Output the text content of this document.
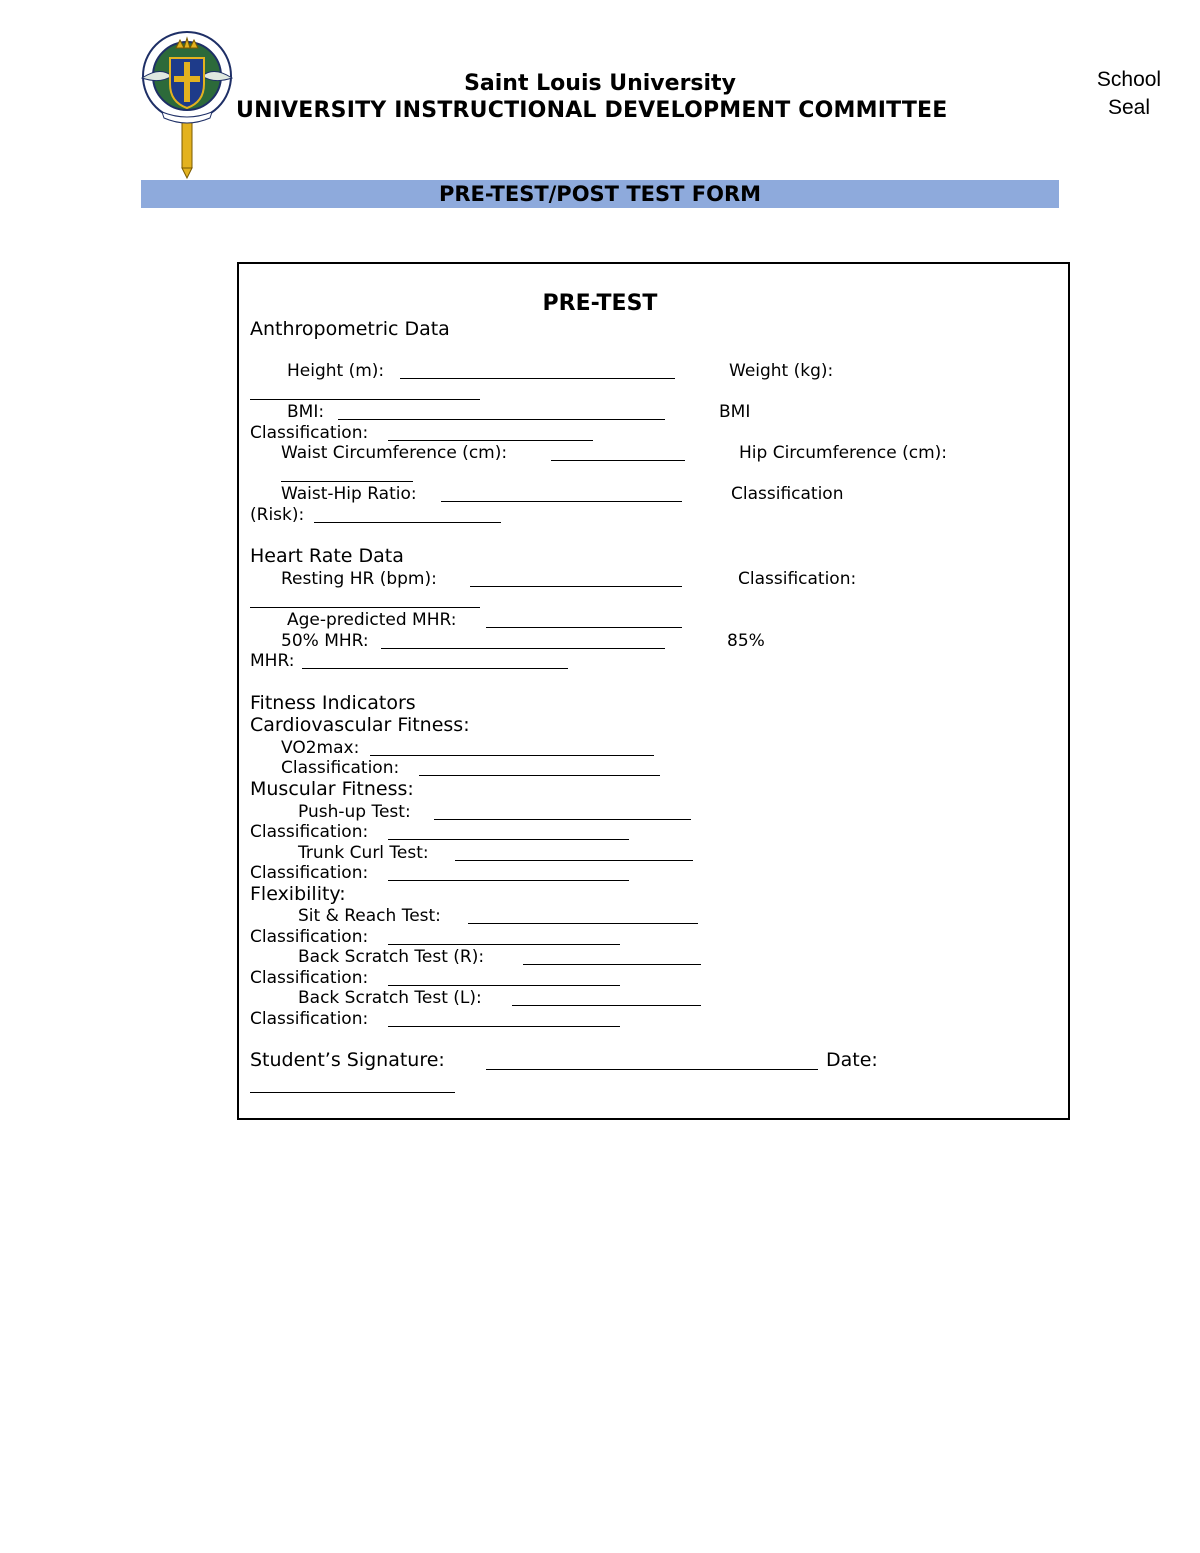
Saint Louis University
UNIVERSITY INSTRUCTIONAL DEVELOPMENT COMMITTEE
School Seal
PRE-TEST/POST TEST FORM
PRE-TEST
Anthropometric Data
Height (m):	Weight (kg):
BMI:	BMI
Classification:
Waist Circumference (cm):	Hip Circumference (cm):
Waist-Hip Ratio:	Classification
(Risk):
Heart Rate Data
Resting HR (bpm):	Classification:
Age-predicted MHR:
50% MHR:	85%
MHR:
Fitness Indicators
Cardiovascular Fitness:
VO2max:
Classification:
Muscular Fitness:
Push-up Test:
Classification:
Trunk Curl Test:
Classification:
Flexibility:
Sit & Reach Test:
Classification:
Back Scratch Test (R):
Classification:
Back Scratch Test (L):
Classification:
Student’s Signature:	Date:
